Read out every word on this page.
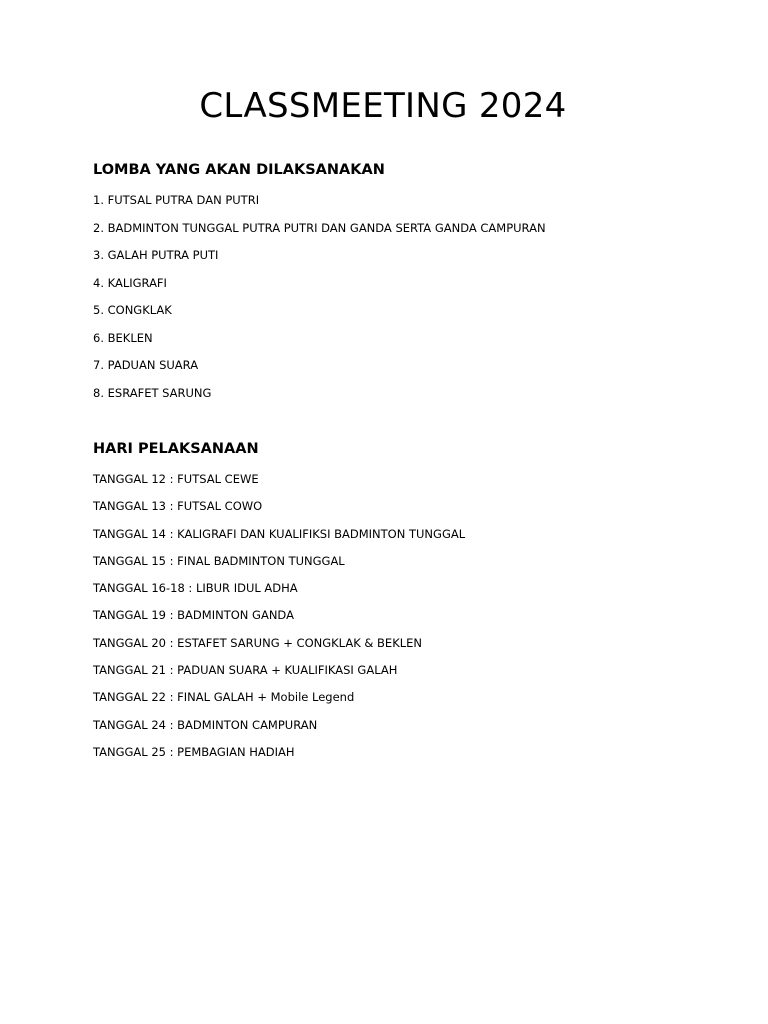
CLASSMEETING 2024
LOMBA YANG AKAN DILAKSANAKAN
1. FUTSAL PUTRA DAN PUTRI
2. BADMINTON TUNGGAL PUTRA PUTRI DAN GANDA SERTA GANDA CAMPURAN
3. GALAH PUTRA PUTI
4. KALIGRAFI
5. CONGKLAK
6. BEKLEN
7. PADUAN SUARA
8. ESRAFET SARUNG
HARI PELAKSANAAN
TANGGAL 12 : FUTSAL CEWE
TANGGAL 13 : FUTSAL COWO
TANGGAL 14 : KALIGRAFI DAN KUALIFIKSI BADMINTON TUNGGAL
TANGGAL 15 : FINAL BADMINTON TUNGGAL
TANGGAL 16-18 : LIBUR IDUL ADHA
TANGGAL 19 : BADMINTON GANDA
TANGGAL 20 : ESTAFET SARUNG + CONGKLAK & BEKLEN
TANGGAL 21 : PADUAN SUARA + KUALIFIKASI GALAH
TANGGAL 22 : FINAL GALAH + Mobile Legend
TANGGAL 24 : BADMINTON CAMPURAN
TANGGAL 25 : PEMBAGIAN HADIAH
